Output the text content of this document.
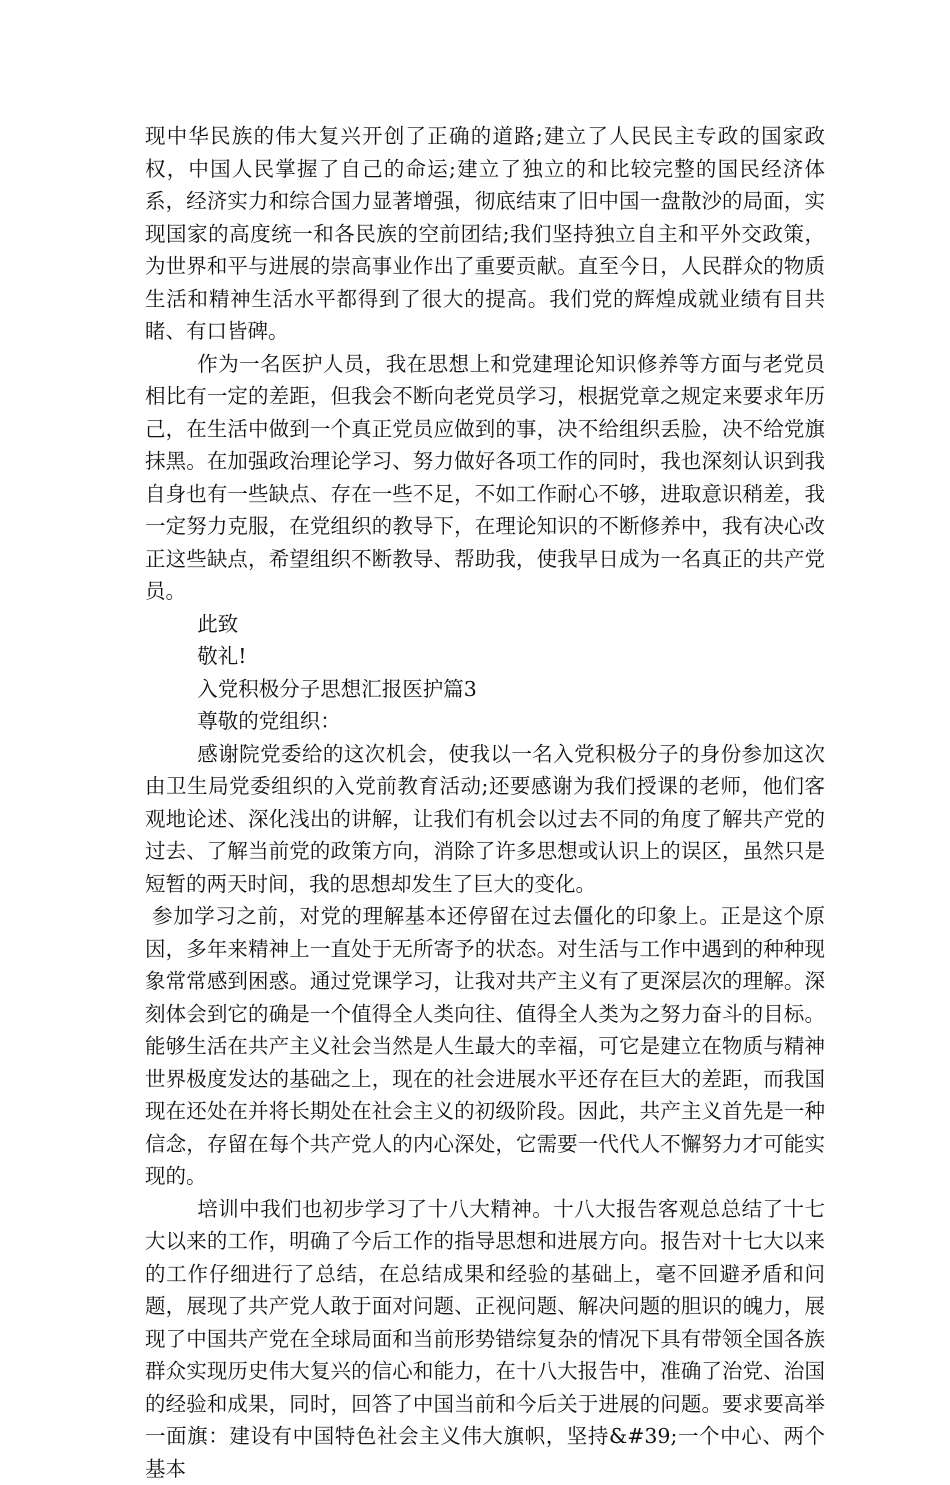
现中华民族的伟大复兴开创了正确的道路;建立了人民民主专政的国家政权，中国人民掌握了自己的命运;建立了独立的和比较完整的国民经济体系，经济实力和综合国力显著增强，彻底结束了旧中国一盘散沙的局面，实现国家的高度统一和各民族的空前团结;我们坚持独立自主和平外交政策，为世界和平与进展的崇高事业作出了重要贡献。直至今日，人民群众的物质生活和精神生活水平都得到了很大的提高。我们党的辉煌成就业绩有目共睹、有口皆碑。

作为一名医护人员，我在思想上和党建理论知识修养等方面与老党员相比有一定的差距，但我会不断向老党员学习，根据党章之规定来要求年历己，在生活中做到一个真正党员应做到的事，决不给组织丢脸，决不给党旗抹黑。在加强政治理论学习、努力做好各项工作的同时，我也深刻认识到我自身也有一些缺点、存在一些不足，不如工作耐心不够，进取意识稍差，我一定努力克服，在党组织的教导下，在理论知识的不断修养中，我有决心改正这些缺点，希望组织不断教导、帮助我，使我早日成为一名真正的共产党员。

此致

敬礼!

入党积极分子思想汇报医护篇3

尊敬的党组织：

感谢院党委给的这次机会，使我以一名入党积极分子的身份参加这次由卫生局党委组织的入党前教育活动;还要感谢为我们授课的老师，他们客观地论述、深化浅出的讲解，让我们有机会以过去不同的角度了解共产党的过去、了解当前党的政策方向，消除了许多思想或认识上的误区，虽然只是短暂的两天时间，我的思想却发生了巨大的变化。

参加学习之前，对党的理解基本还停留在过去僵化的印象上。正是这个原因，多年来精神上一直处于无所寄予的状态。对生活与工作中遇到的种种现象常常感到困惑。通过党课学习，让我对共产主义有了更深层次的理解。深刻体会到它的确是一个值得全人类向往、值得全人类为之努力奋斗的目标。能够生活在共产主义社会当然是人生最大的幸福，可它是建立在物质与精神世界极度发达的基础之上，现在的社会进展水平还存在巨大的差距，而我国现在还处在并将长期处在社会主义的初级阶段。因此，共产主义首先是一种信念，存留在每个共产党人的内心深处，它需要一代代人不懈努力才可能实现的。

培训中我们也初步学习了十八大精神。十八大报告客观总总结了十七大以来的工作，明确了今后工作的指导思想和进展方向。报告对十七大以来的工作仔细进行了总结，在总结成果和经验的基础上，毫不回避矛盾和问题，展现了共产党人敢于面对问题、正视问题、解决问题的胆识的魄力，展现了中国共产党在全球局面和当前形势错综复杂的情况下具有带领全国各族群众实现历史伟大复兴的信心和能力，在十八大报告中，准确了治党、治国的经验和成果，同时，回答了中国当前和今后关于进展的问题。要求要高举一面旗：建设有中国特色社会主义伟大旗帜，坚持&#39;一个中心、两个基本
